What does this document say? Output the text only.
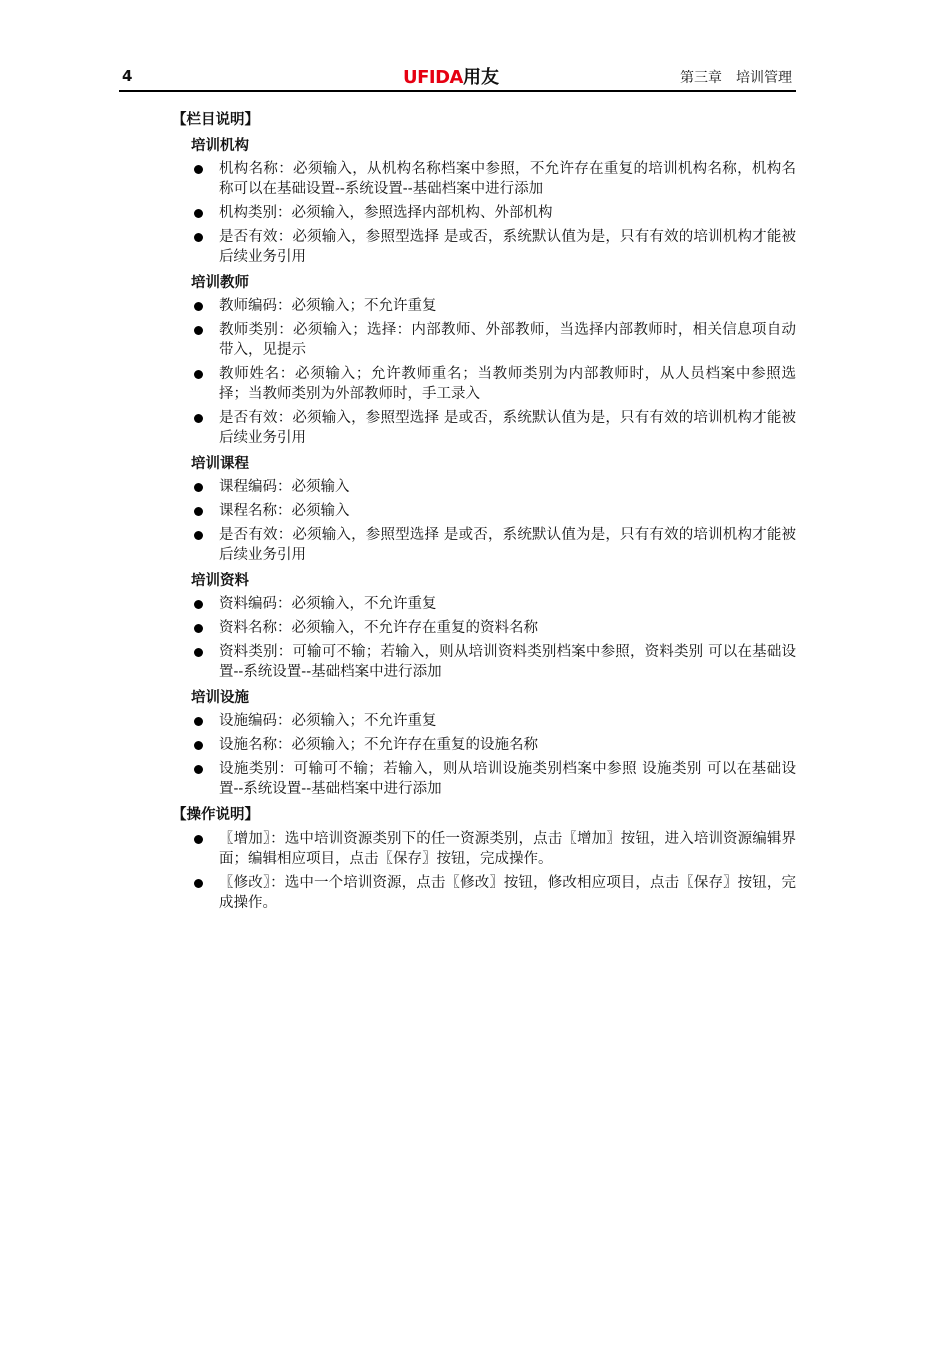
4	UFIDA用友	第三章 培训管理
【栏目说明】
培训机构
机构名称：必须输入，从机构名称档案中参照，不允许存在重复的培训机构名称，机构名称可以在基础设置--系统设置--基础档案中进行添加
机构类别：必须输入，参照选择内部机构、外部机构
是否有效：必须输入，参照型选择 是或否，系统默认值为是，只有有效的培训机构才能被后续业务引用
培训教师
教师编码：必须输入；不允许重复
教师类别：必须输入；选择：内部教师、外部教师，当选择内部教师时，相关信息项自动带入，见提示
教师姓名：必须输入；允许教师重名；当教师类别为内部教师时，从人员档案中参照选择；当教师类别为外部教师时，手工录入
是否有效：必须输入，参照型选择 是或否，系统默认值为是，只有有效的培训机构才能被后续业务引用
培训课程
课程编码：必须输入
课程名称：必须输入
是否有效：必须输入，参照型选择 是或否，系统默认值为是，只有有效的培训机构才能被后续业务引用
培训资料
资料编码：必须输入，不允许重复
资料名称：必须输入，不允许存在重复的资料名称
资料类别：可输可不输；若输入，则从培训资料类别档案中参照，资料类别 可以在基础设置--系统设置--基础档案中进行添加
培训设施
设施编码：必须输入；不允许重复
设施名称：必须输入；不允许存在重复的设施名称
设施类别：可输可不输；若输入，则从培训设施类别档案中参照 设施类别 可以在基础设置--系统设置--基础档案中进行添加
【操作说明】
〖增加〗：选中培训资源类别下的任一资源类别，点击〖增加〗按钮，进入培训资源编辑界面；编辑相应项目，点击〖保存〗按钮，完成操作。
〖修改〗：选中一个培训资源，点击〖修改〗按钮，修改相应项目，点击〖保存〗按钮，完成操作。
